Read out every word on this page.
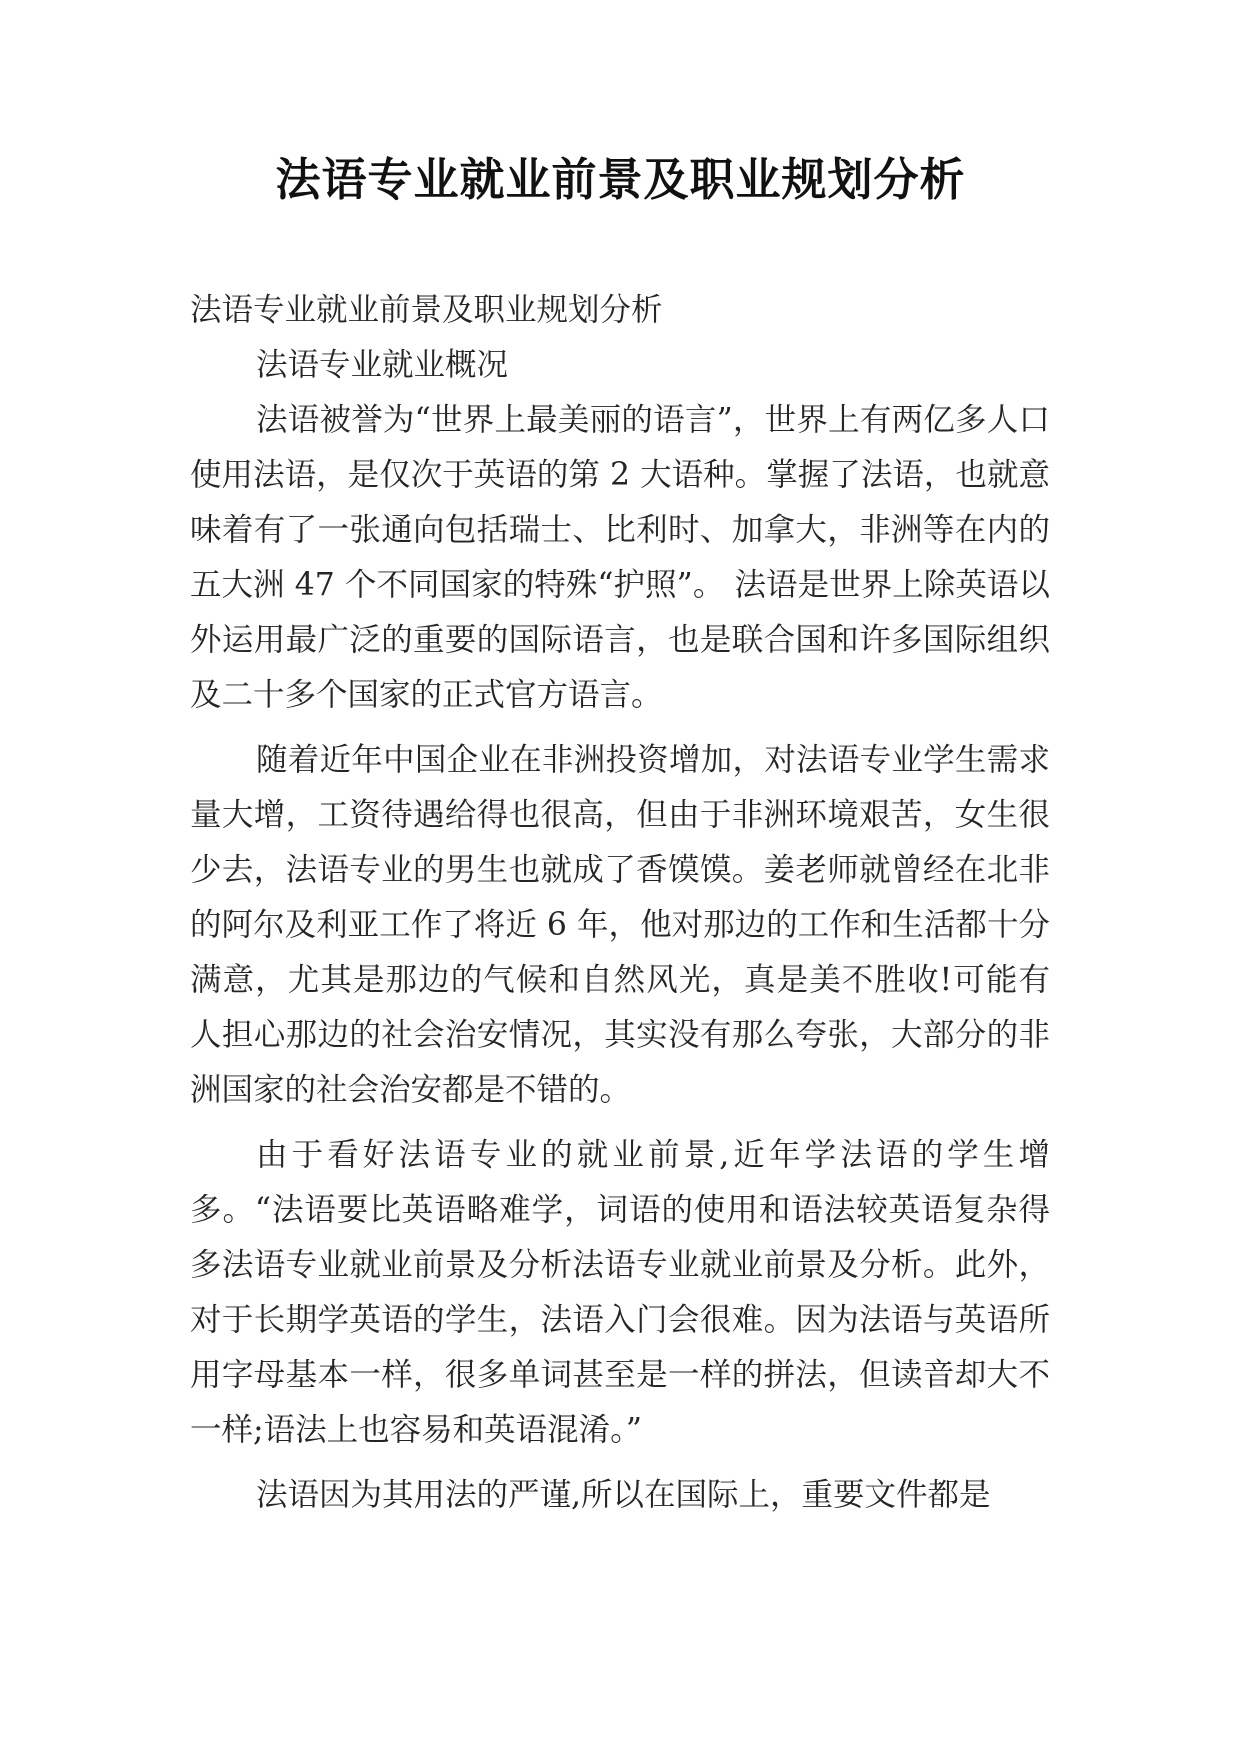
法语专业就业前景及职业规划分析

法语专业就业前景及职业规划分析

法语专业就业概况

法语被誉为“世界上最美丽的语言”，世界上有两亿多人口使用法语，是仅次于英语的第 2 大语种。掌握了法语，也就意味着有了一张通向包括瑞士、比利时、加拿大，非洲等在内的五大洲 47 个不同国家的特殊“护照”。 法语是世界上除英语以外运用最广泛的重要的国际语言，也是联合国和许多国际组织及二十多个国家的正式官方语言。

随着近年中国企业在非洲投资增加，对法语专业学生需求量大增，工资待遇给得也很高，但由于非洲环境艰苦，女生很少去，法语专业的男生也就成了香馍馍。姜老师就曾经在北非的阿尔及利亚工作了将近 6 年，他对那边的工作和生活都十分满意，尤其是那边的气候和自然风光，真是美不胜收!可能有人担心那边的社会治安情况，其实没有那么夸张，大部分的非洲国家的社会治安都是不错的。

由于看好法语专业的就业前景,近年学法语的学生增多。“法语要比英语略难学，词语的使用和语法较英语复杂得多法语专业就业前景及分析法语专业就业前景及分析。此外，对于长期学英语的学生，法语入门会很难。因为法语与英语所用字母基本一样，很多单词甚至是一样的拼法，但读音却大不一样;语法上也容易和英语混淆。”

法语因为其用法的严谨,所以在国际上，重要文件都是
